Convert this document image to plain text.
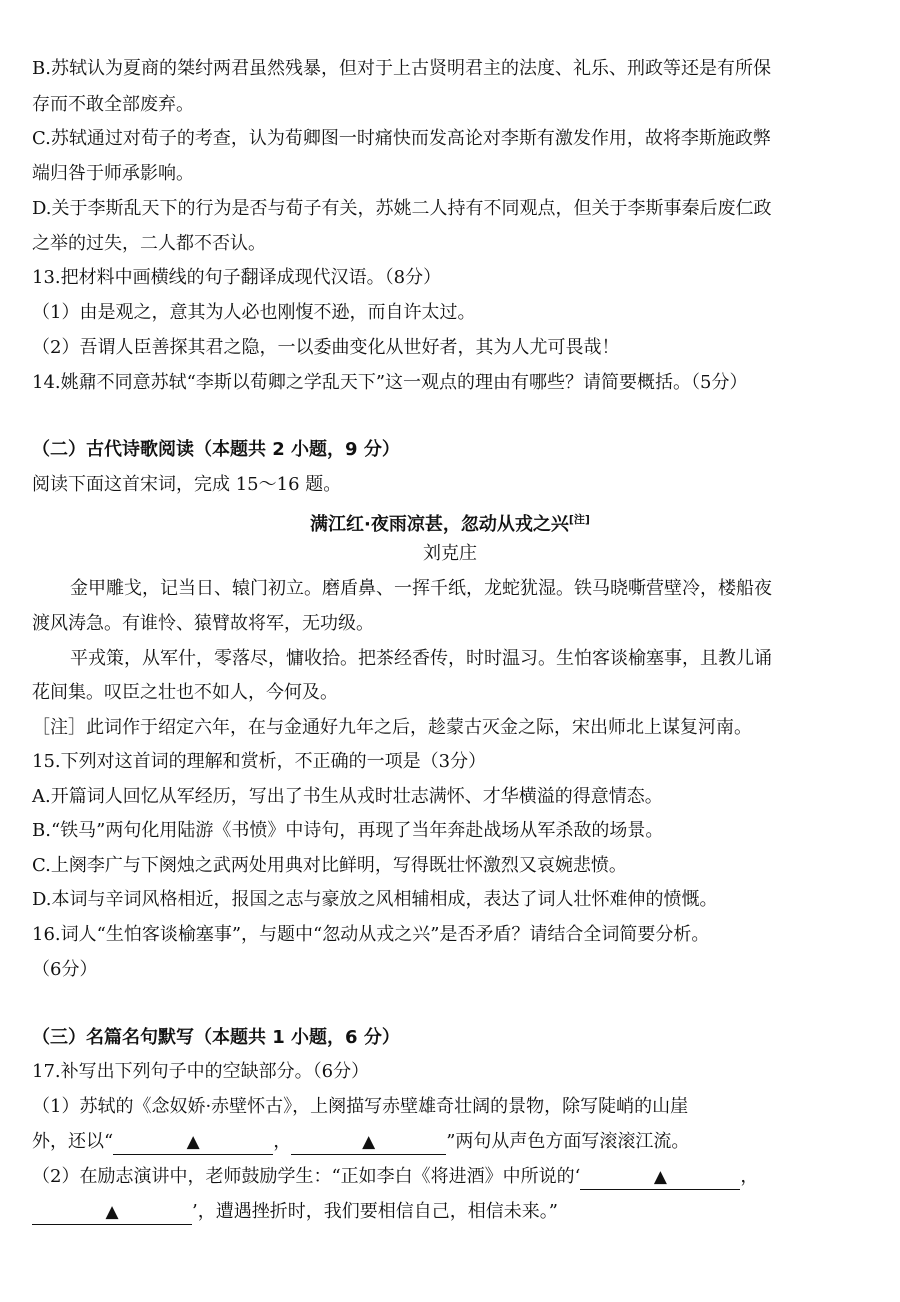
B.苏轼认为夏商的桀纣两君虽然残暴，但对于上古贤明君主的法度、礼乐、刑政等还是有所保
存而不敢全部废弃。
C.苏轼通过对荀子的考查，认为荀卿图一时痛快而发高论对李斯有激发作用，故将李斯施政弊
端归咎于师承影响。
D.关于李斯乱天下的行为是否与荀子有关，苏姚二人持有不同观点，但关于李斯事秦后废仁政
之举的过失，二人都不否认。
13.把材料中画横线的句子翻译成现代汉语。（8分）
（1）由是观之，意其为人必也刚愎不逊，而自许太过。
（2）吾谓人臣善探其君之隐，一以委曲变化从世好者，其为人尤可畏哉！
14.姚鼐不同意苏轼“李斯以荀卿之学乱天下”这一观点的理由有哪些？请简要概括。（5分）
（二）古代诗歌阅读（本题共 2 小题，9 分）
阅读下面这首宋词，完成 15～16 题。
满江红·夜雨凉甚，忽动从戎之兴[注]
刘克庄
金甲雕戈，记当日、辕门初立。磨盾鼻、一挥千纸，龙蛇犹湿。铁马晓嘶营壁冷，楼船夜
渡风涛急。有谁怜、猿臂故将军，无功级。
平戎策，从军什，零落尽，慵收拾。把茶经香传，时时温习。生怕客谈榆塞事，且教儿诵
花间集。叹臣之壮也不如人，今何及。
［注］此词作于绍定六年，在与金通好九年之后，趁蒙古灭金之际，宋出师北上谋复河南。
15.下列对这首词的理解和赏析，不正确的一项是（3分）
A.开篇词人回忆从军经历，写出了书生从戎时壮志满怀、才华横溢的得意情态。
B.“铁马”两句化用陆游《书愤》中诗句，再现了当年奔赴战场从军杀敌的场景。
C.上阕李广与下阕烛之武两处用典对比鲜明，写得既壮怀激烈又哀婉悲愤。
D.本词与辛词风格相近，报国之志与豪放之风相辅相成，表达了词人壮怀难伸的愤慨。
16.词人“生怕客谈榆塞事”，与题中“忽动从戎之兴”是否矛盾？请结合全词简要分析。
（6分）
（三）名篇名句默写（本题共 1 小题，6 分）
17.补写出下列句子中的空缺部分。（6分）
（1）苏轼的《念奴娇·赤壁怀古》，上阕描写赤壁雄奇壮阔的景物，除写陡峭的山崖
外，还以“	▲	，	▲	”两句从声色方面写滚滚江流。
（2）在励志演讲中，老师鼓励学生：“正如李白《将进酒》中所说的‘	▲	，
▲	’，遭遇挫折时，我们要相信自己，相信未来。”
